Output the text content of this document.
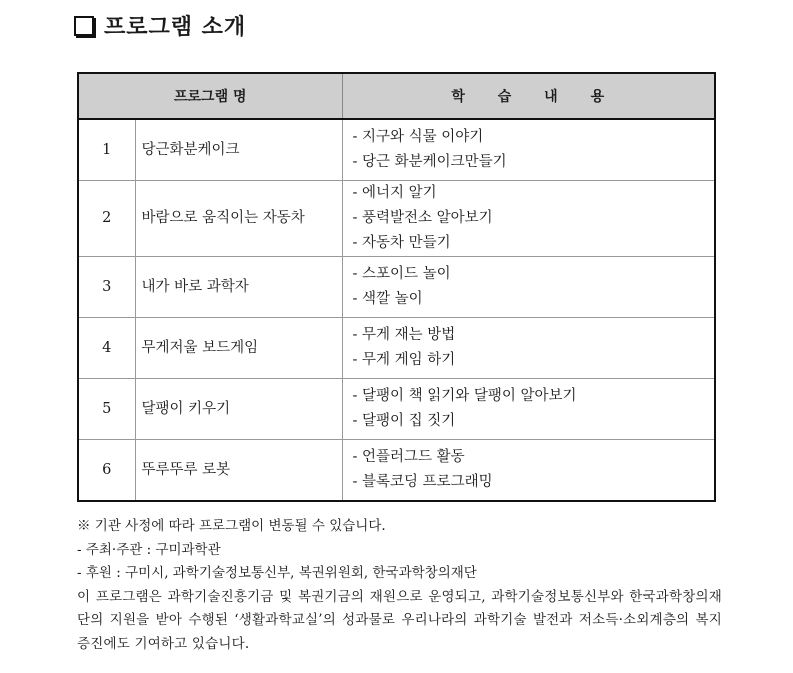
프로그램 소개
프로그램 명		학 습 내 용
1	당근화분케이크	- 지구와 식물 이야기
- 당근 화분케이크만들기

2	바람으로 움직이는 자동차	- 에너지 알기
- 풍력발전소 알아보기
- 자동차 만들기

3	내가 바로 과학자	- 스포이드 놀이
- 색깔 놀이

4	무게저울 보드게임	- 무게 재는 방법
- 무게 게임 하기

5	달팽이 키우기	- 달팽이 책 읽기와 달팽이 알아보기
- 달팽이 집 짓기

6	뚜루뚜루 로봇	- 언플러그드 활동
- 블록코딩 프로그래밍

※ 기관 사정에 따라 프로그램이 변동될 수 있습니다.

- 주최·주관 : 구미과학관

- 후원 : 구미시, 과학기술정보통신부, 복권위원회, 한국과학창의재단

이 프로그램은 과학기술진흥기금 및 복권기금의 재원으로 운영되고, 과학기술정보통신부와 한국과학창의재단의 지원을 받아 수행된 ‘생활과학교실’의 성과물로 우리나라의 과학기술 발전과 저소득·소외계층의 복지 증진에도 기여하고 있습니다.
